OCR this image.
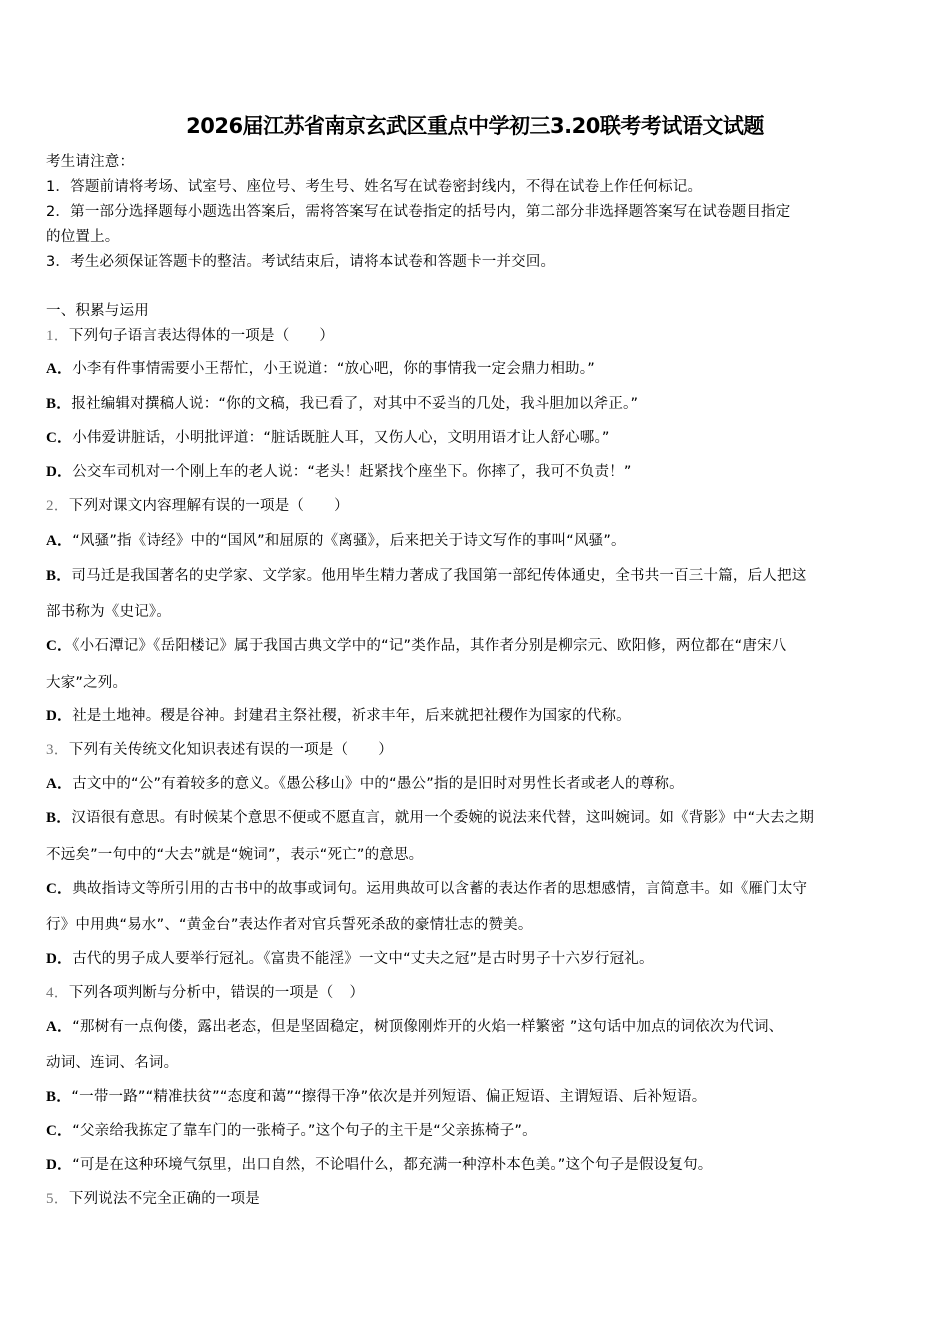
2026届江苏省南京玄武区重点中学初三3.20联考考试语文试题
考生请注意：
1．答题前请将考场、试室号、座位号、考生号、姓名写在试卷密封线内，不得在试卷上作任何标记。
2．第一部分选择题每小题选出答案后，需将答案写在试卷指定的括号内，第二部分非选择题答案写在试卷题目指定
的位置上。
3．考生必须保证答题卡的整洁。考试结束后，请将本试卷和答题卡一并交回。
一、积累与运用
1．下列句子语言表达得体的一项是（ ）
A．小李有件事情需要小王帮忙，小王说道：“放心吧，你的事情我一定会鼎力相助。”
B．报社编辑对撰稿人说：“你的文稿，我已看了，对其中不妥当的几处，我斗胆加以斧正。”
C．小伟爱讲脏话，小明批评道：“脏话既脏人耳，又伤人心，文明用语才让人舒心哪。”
D．公交车司机对一个刚上车的老人说：“老头！赶紧找个座坐下。你摔了，我可不负责！”
2．下列对课文内容理解有误的一项是（ ）
A．“风骚”指《诗经》中的“国风”和屈原的《离骚》，后来把关于诗文写作的事叫“风骚”。
B．司马迁是我国著名的史学家、文学家。他用毕生精力著成了我国第一部纪传体通史，全书共一百三十篇，后人把这
部书称为《史记》。
C．《小石潭记》《岳阳楼记》属于我国古典文学中的“记”类作品，其作者分别是柳宗元、欧阳修，两位都在“唐宋八
大家”之列。
D．社是土地神。稷是谷神。封建君主祭社稷，祈求丰年，后来就把社稷作为国家的代称。
3．下列有关传统文化知识表述有误的一项是（ ）
A．古文中的“公”有着较多的意义。《愚公移山》中的“愚公”指的是旧时对男性长者或老人的尊称。
B．汉语很有意思。有时候某个意思不便或不愿直言，就用一个委婉的说法来代替，这叫婉词。如《背影》中“大去之期
不远矣”一句中的“大去”就是“婉词”，表示“死亡”的意思。
C．典故指诗文等所引用的古书中的故事或词句。运用典故可以含蓄的表达作者的思想感情，言简意丰。如《雁门太守
行》中用典“易水”、“黄金台”表达作者对官兵誓死杀敌的豪情壮志的赞美。
D．古代的男子成人要举行冠礼。《富贵不能淫》一文中“丈夫之冠”是古时男子十六岁行冠礼。
4．下列各项判断与分析中，错误的一项是（ ）
A．“那树有一点佝偻，露出老态，但是坚固稳定，树顶像刚炸开的火焰一样繁密 ”这句话中加点的词依次为代词、
动词、连词、名词。
B．“一带一路”“精准扶贫”“态度和蔼”“擦得干净”依次是并列短语、偏正短语、主谓短语、后补短语。
C．“父亲给我拣定了靠车门的一张椅子。”这个句子的主干是“父亲拣椅子”。
D．“可是在这种环境气氛里，出口自然，不论唱什么，都充满一种淳朴本色美。”这个句子是假设复句。
5．下列说法不完全正确的一项是
